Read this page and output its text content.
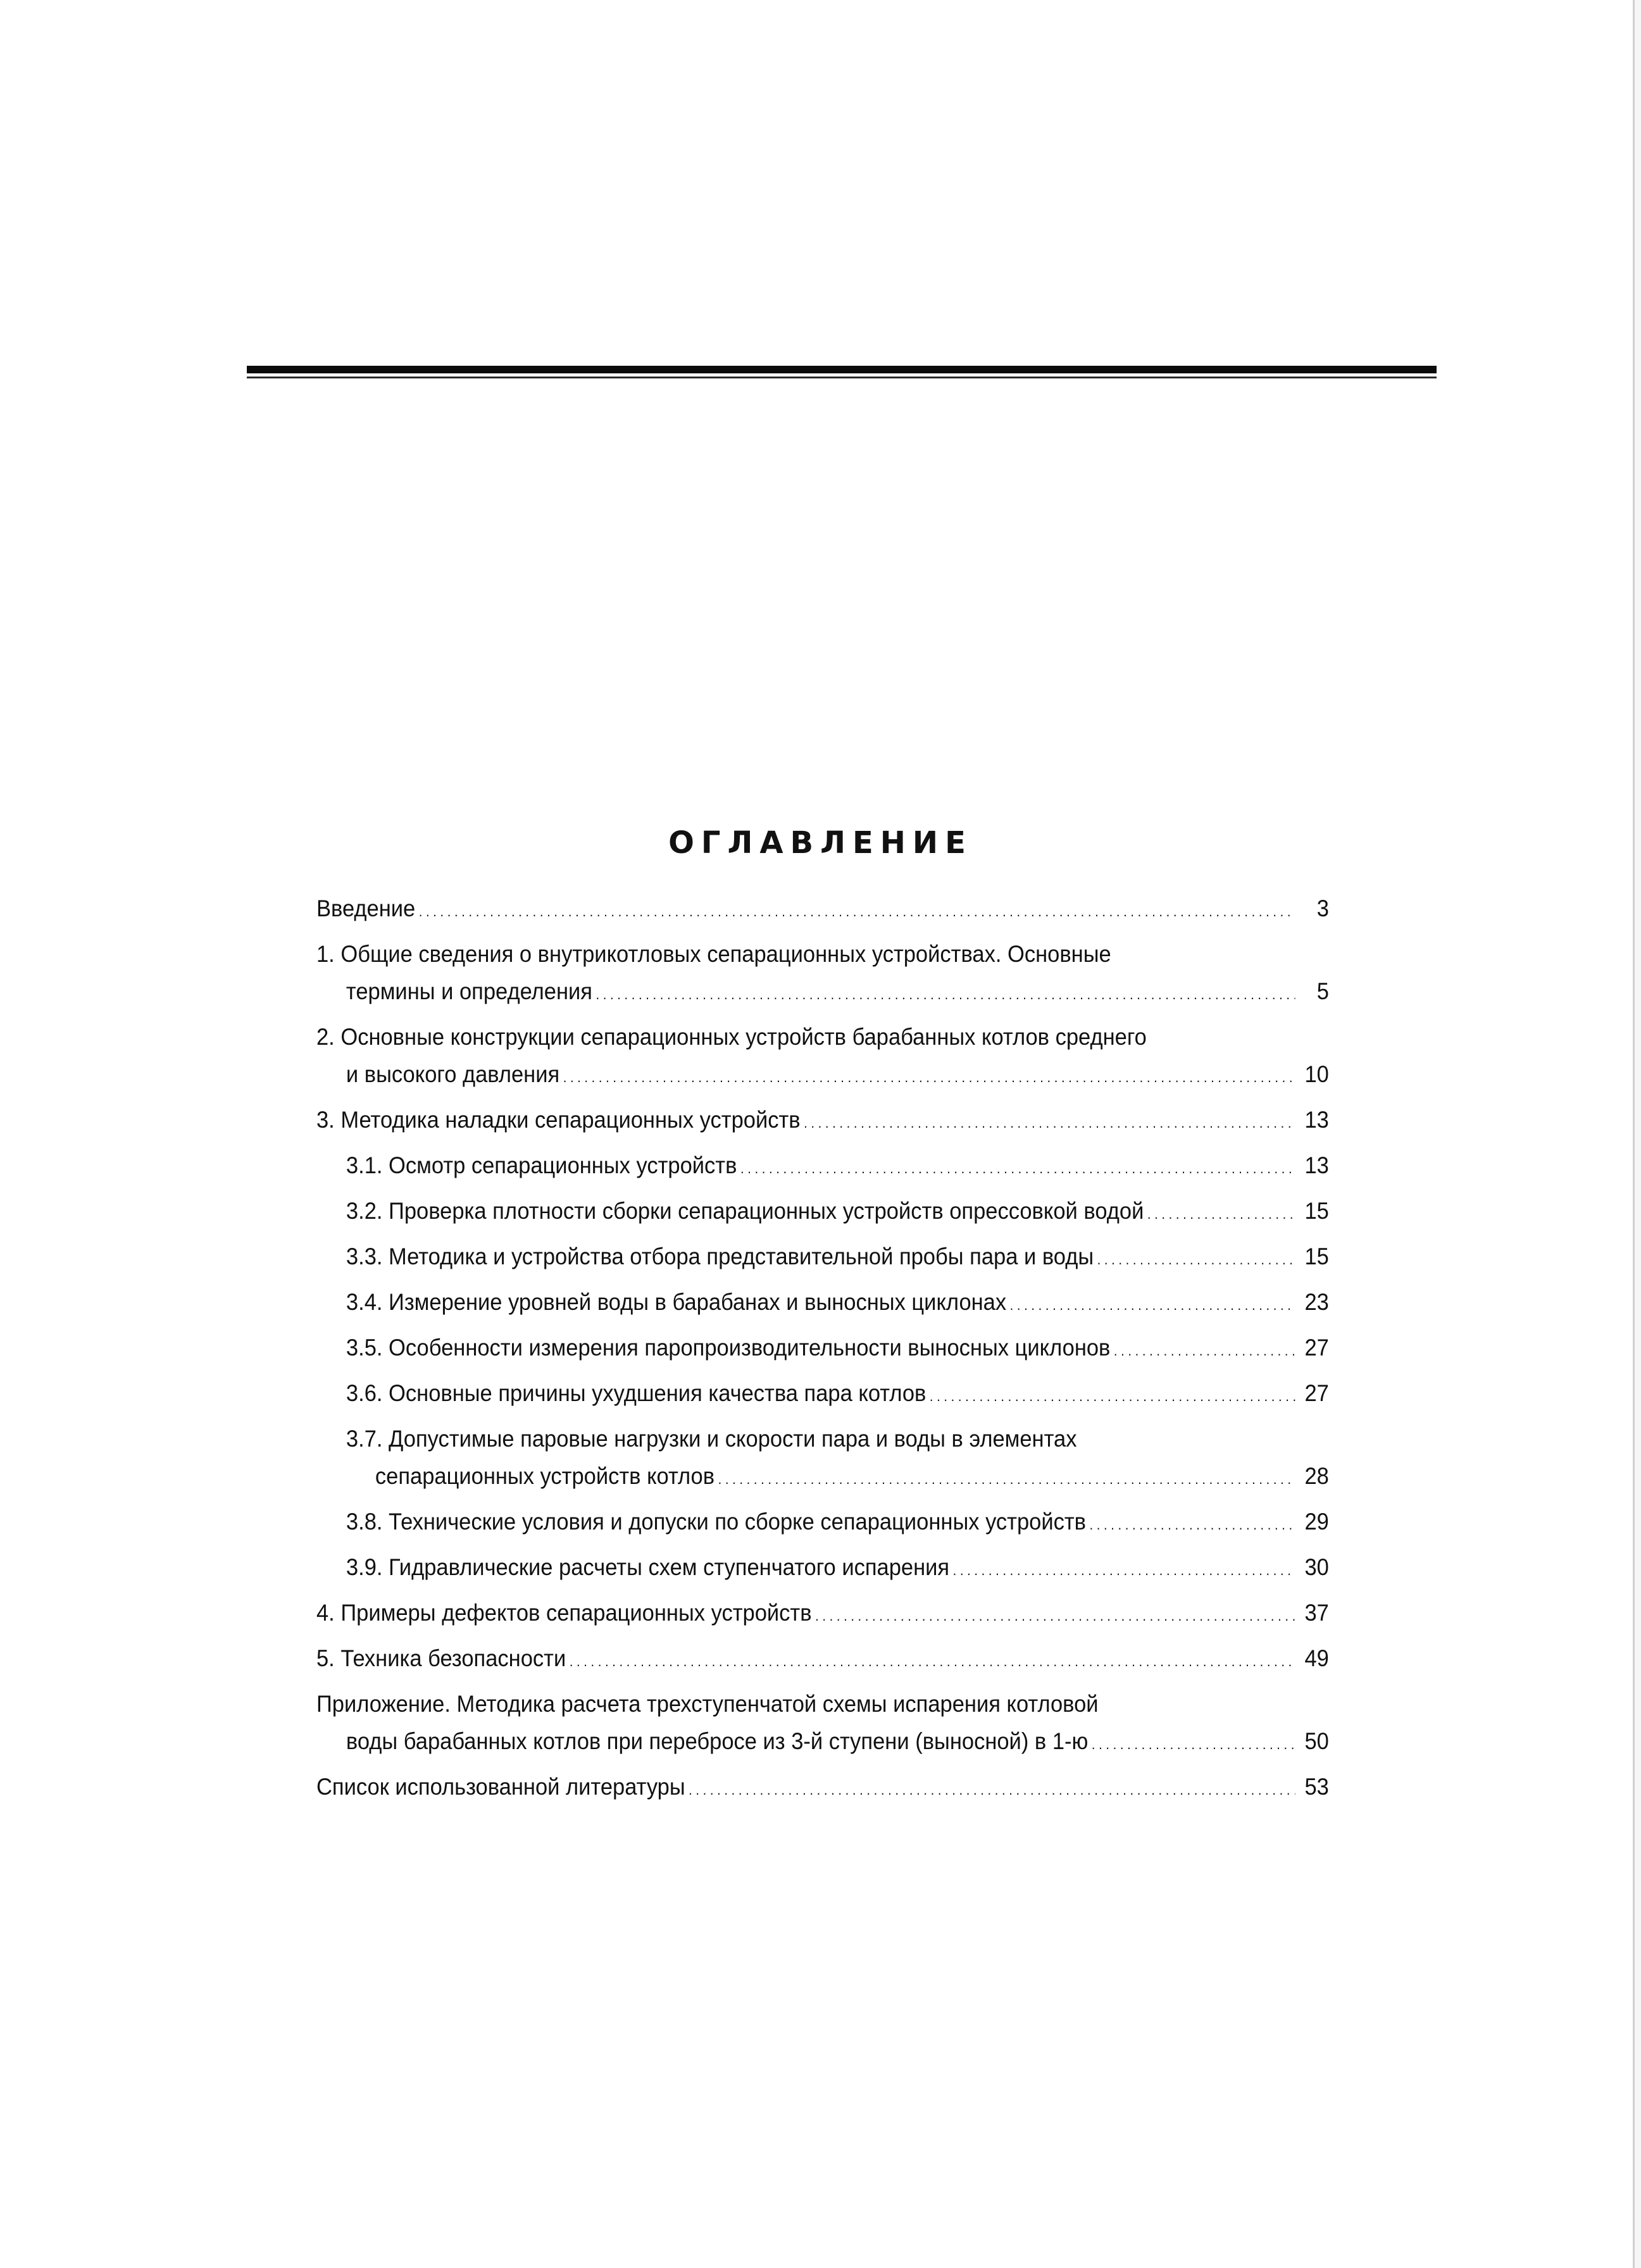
ОГЛАВЛЕНИЕ
Введение . . .	3
1. Общие сведения о внутрикотловых сепарационных устройствах. Основные
термины и определения . . .	5
2. Основные конструкции сепарационных устройств барабанных котлов среднего
и высокого давления . . .	10
3. Методика наладки сепарационных устройств . . .	13
3.1. Осмотр сепарационных устройств . . .	13
3.2. Проверка плотности сборки сепарационных устройств опрессовкой водой . . .	15
3.3. Методика и устройства отбора представительной пробы пара и воды . . .	15
3.4. Измерение уровней воды в барабанах и выносных циклонах . . .	23
3.5. Особенности измерения паропроизводительности выносных циклонов . . .	27
3.6. Основные причины ухудшения качества пара котлов . . .	27
3.7. Допустимые паровые нагрузки и скорости пара и воды в элементах
сепарационных устройств котлов . . .	28
3.8. Технические условия и допуски по сборке сепарационных устройств . . .	29
3.9. Гидравлические расчеты схем ступенчатого испарения . . .	30
4. Примеры дефектов сепарационных устройств . . .	37
5. Техника безопасности . . .	49
Приложение. Методика расчета трехступенчатой схемы испарения котловой
воды барабанных котлов при перебросе из 3-й ступени (выносной) в 1-ю . . .	50
Список использованной литературы . . .	53
